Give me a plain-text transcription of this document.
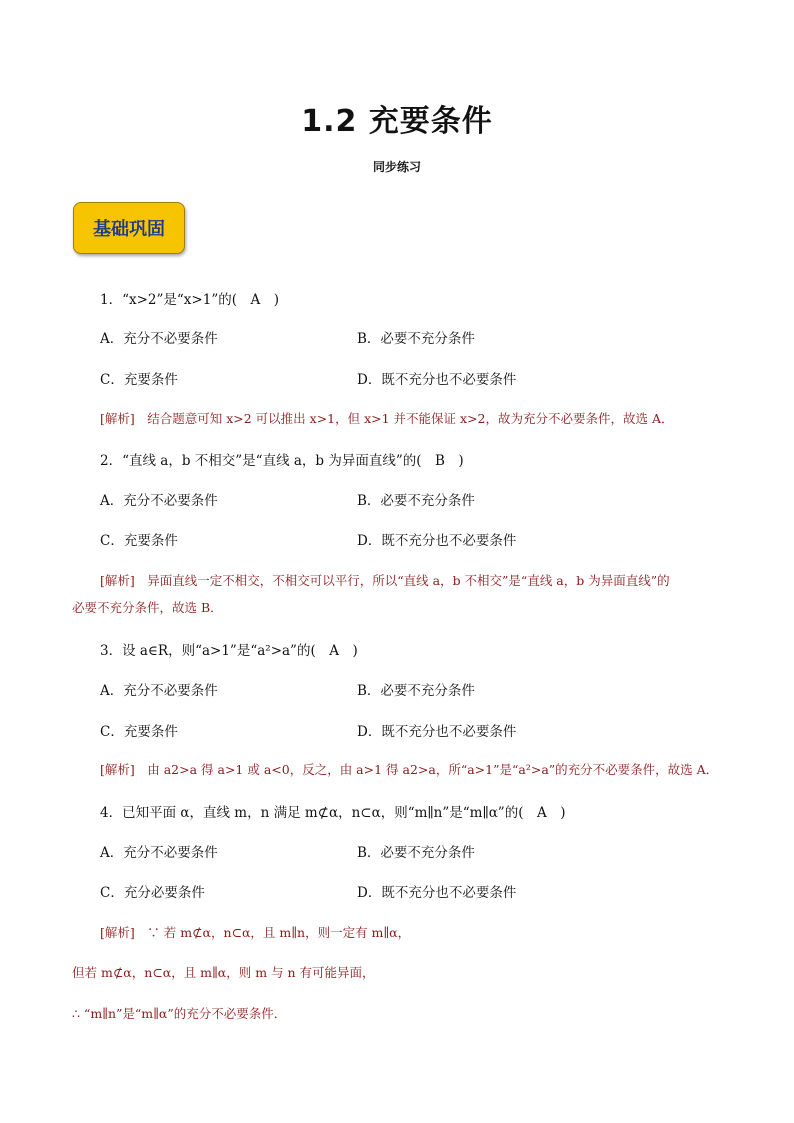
1.2 充要条件
同步练习
基础巩固
1．“x>2”是“x>1”的(　A　)
A．充分不必要条件	B．必要不充分条件
C．充要条件	D．既不充分也不必要条件
[解析]　结合题意可知 x>2 可以推出 x>1，但 x>1 并不能保证 x>2，故为充分不必要条件，故选 A．
2．“直线 a，b 不相交”是“直线 a，b 为异面直线”的(　B　)
A．充分不必要条件	B．必要不充分条件
C．充要条件	D．既不充分也不必要条件
[解析]　异面直线一定不相交，不相交可以平行，所以“直线 a，b 不相交”是“直线 a，b 为异面直线”的
必要不充分条件，故选 B．
3．设 a∈R，则“a>1”是“a²>a”的(　A　)
A．充分不必要条件	B．必要不充分条件
C．充要条件	D．既不充分也不必要条件
[解析]　由 a2>a 得 a>1 或 a<0，反之，由 a>1 得 a2>a，所“a>1”是“a²>a”的充分不必要条件，故选 A．
4．已知平面 α，直线 m，n 满足 m⊄α，n⊂α，则“m∥n”是“m∥α”的(　A　)
A．充分不必要条件	B．必要不充分条件
C．充分必要条件	D．既不充分也不必要条件
[解析]　∵ 若 m⊄α，n⊂α，且 m∥n，则一定有 m∥α，
但若 m⊄α，n⊂α，且 m∥α，则 m 与 n 有可能异面，
∴ “m∥n”是“m∥α”的充分不必要条件．
